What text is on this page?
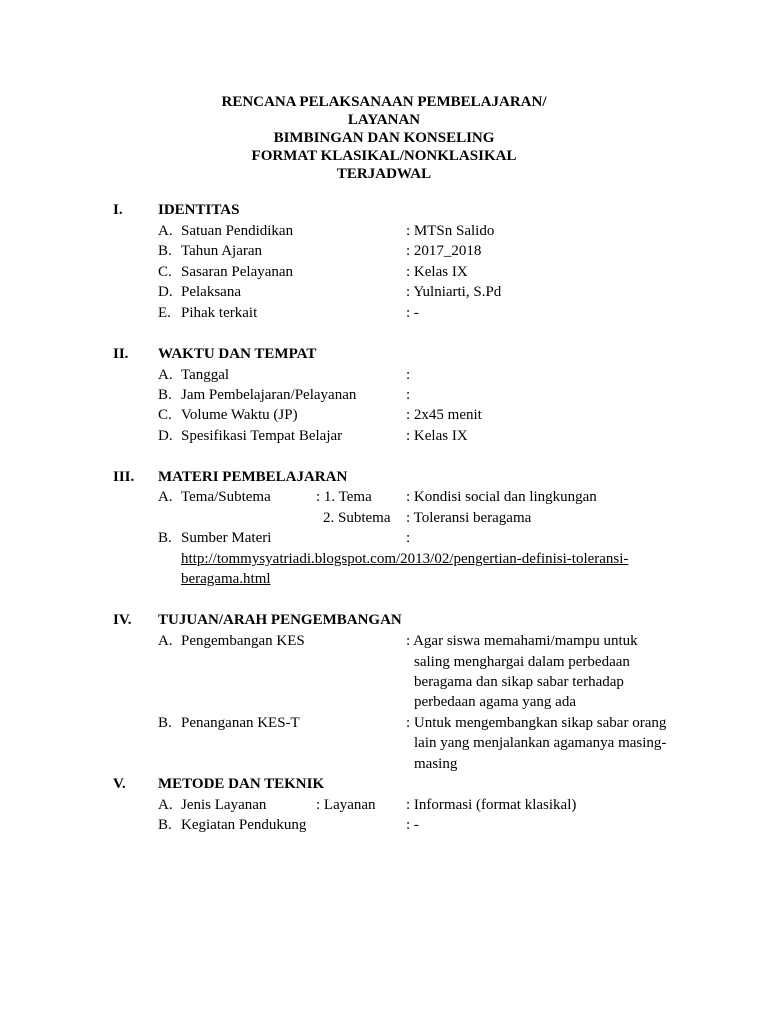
RENCANA PELAKSANAAN PEMBELAJARAN/
LAYANAN
BIMBINGAN DAN KONSELING
FORMAT KLASIKAL/NONKLASIKAL
TERJADWAL
I. IDENTITAS
A. Satuan Pendidikan	: MTSn Salido
B. Tahun Ajaran	: 2017_2018
C. Sasaran Pelayanan	: Kelas IX
D. Pelaksana	: Yulniarti, S.Pd
E. Pihak terkait	: -
II. WAKTU DAN TEMPAT
A. Tanggal	:
B. Jam Pembelajaran/Pelayanan	:
C. Volume Waktu (JP)	: 2x45 menit
D. Spesifikasi Tempat Belajar	: Kelas IX
III. MATERI PEMBELAJARAN
A. Tema/Subtema	: 1. Tema : Kondisi social dan lingkungan
2. Subtema : Toleransi beragama
B. Sumber Materi	:
http://tommysyatriadi.blogspot.com/2013/02/pengertian-definisi-toleransi-
beragama.html
IV. TUJUAN/ARAH PENGEMBANGAN
A. Pengembangan KES	: Agar siswa memahami/mampu untuk
saling menghargai dalam perbedaan
beragama dan sikap sabar terhadap
perbedaan agama yang ada
B. Penanganan KES-T	: Untuk mengembangkan sikap sabar orang
lain yang menjalankan agamanya masing-
masing
V. METODE DAN TEKNIK
A. Jenis Layanan	: Layanan : Informasi (format klasikal)
B. Kegiatan Pendukung	: -
